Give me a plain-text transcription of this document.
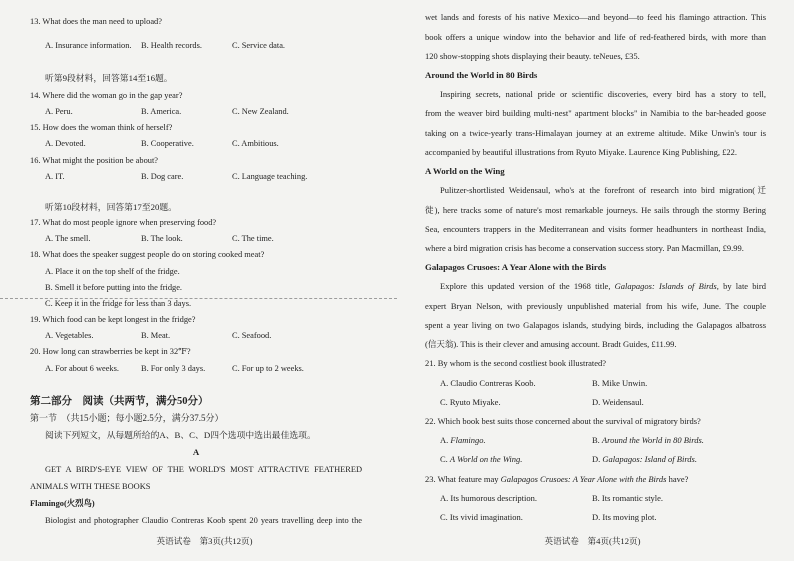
13. What does the man need to upload?
A. Insurance information. B. Health records.	C. Service data.
听第9段材料，回答第14至16题。
14. Where did the woman go in the gap year?
A. Peru.	B. America.	C. New Zealand.
15. How does the woman think of herself?
A. Devoted.	B. Cooperative.	C. Ambitious.
16. What might the position be about?
A. IT.	B. Dog care.	C. Language teaching.
听第10段材料，回答第17至20题。
17. What do most people ignore when preserving food?
A. The smell.	B. The look.	C. The time.
18. What does the speaker suggest people do on storing cooked meat?
A. Place it on the top shelf of the fridge.
B. Smell it before putting into the fridge.
C. Keep it in the fridge for less than 3 days.
19. Which food can be kept longest in the fridge?
A. Vegetables.	B. Meat.	C. Seafood.
20. How long can strawberries be kept in 32℉?
A. For about 6 weeks.	B. For only 3 days.	C. For up to 2 weeks.
第二部分　阅读（共两节，满分50分）
第一节　（共15小题；每小题2.5分，满分37.5分）
阅读下列短文，从每题所给的A、B、C、D四个选项中选出最佳选项。
A
GET A BIRD'S-EYE VIEW OF THE WORLD'S MOST ATTRACTIVE FEATHERED
ANIMALS WITH THESE BOOKS
Flamingo(火烈鸟)
Biologist and photographer Claudio Contreras Koob spent 20 years travelling deep into the
英语试卷　第3页(共12页)
wet lands and forests of his native Mexico—and beyond—to feed his flamingo attraction. This
book offers a unique window into the behavior and life of red-feathered birds, with more than
120 show-stopping shots displaying their beauty. teNeues, £35.
Around the World in 80 Birds
Inspiring secrets, national pride or scientific discoveries, every bird has a story to tell,
from the weaver bird building multi-nest" apartment blocks" in Namibia to the bar-headed goose
taking on a twice-yearly trans-Himalayan journey at an extreme altitude. Mike Unwin's tour is
accompanied by beautiful illustrations from Ryuto Miyake. Laurence King Publishing, £22.
A World on the Wing
Pulitzer-shortlisted Weidensaul, who's at the forefront of research into bird migration(迁
徙), here tracks some of nature's most remarkable journeys. He sails through the stormy Bering
Sea, encounters trappers in the Mediterranean and visits former headhunters in northeast India,
where a bird migration crisis has become a conservation success story. Pan Macmillan, £9.99.
Galapagos Crusoes: A Year Alone with the Birds
Explore this updated version of the 1968 title, Galapagos: Islands of Birds, by late bird
expert Bryan Nelson, with previously unpublished material from his wife, June. The couple
spent a year living on two Galapagos islands, studying birds, including the Galapagos albatross
(信天翁). This is their clever and amusing account. Bradt Guides, £11.99.
21. By whom is the second costliest book illustrated?
A. Claudio Contreras Koob.	B. Mike Unwin.
C. Ryuto Miyake.	D. Weidensaul.
22. Which book best suits those concerned about the survival of migratory birds?
A. Flamingo.	B. Around the World in 80 Birds.
C. A World on the Wing.	D. Galapagos: Island of Birds.
23. What feature may Galapagos Crusoes: A Year Alone with the Birds have?
A. Its humorous description.	B. Its romantic style.
C. Its vivid imagination.	D. Its moving plot.
英语试卷　第4页(共12页)
